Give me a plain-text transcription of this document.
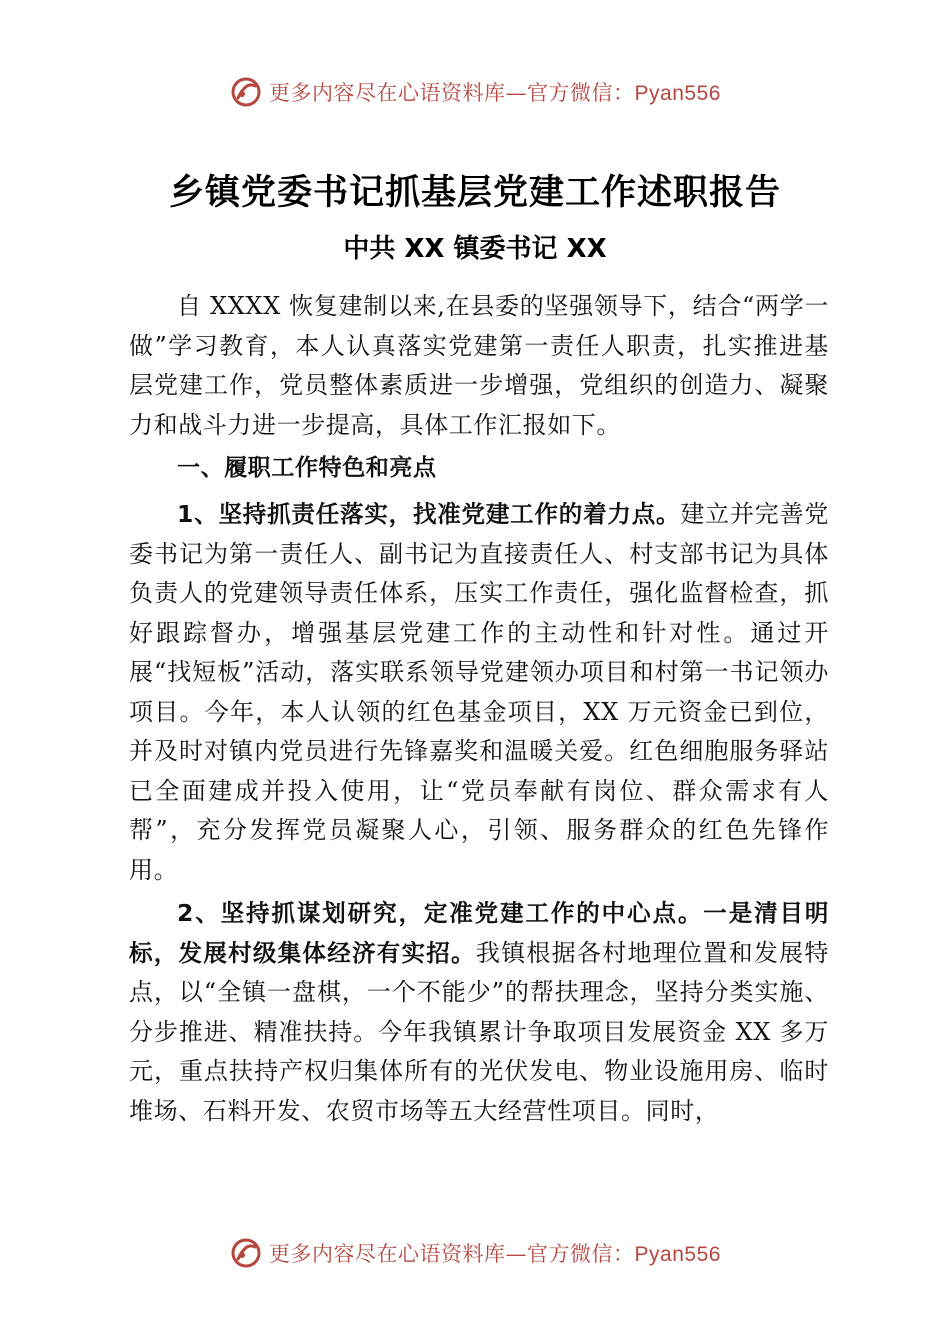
更多内容尽在心语资料库—官方微信：Pyan556
乡镇党委书记抓基层党建工作述职报告
中共 XX 镇委书记 XX

自 XXXX 恢复建制以来,在县委的坚强领导下，结合“两学一做”学习教育，本人认真落实党建第一责任人职责，扎实推进基层党建工作，党员整体素质进一步增强，党组织的创造力、凝聚力和战斗力进一步提高，具体工作汇报如下。

一、履职工作特色和亮点

1、坚持抓责任落实，找准党建工作的着力点。建立并完善党委书记为第一责任人、副书记为直接责任人、村支部书记为具体负责人的党建领导责任体系，压实工作责任，强化监督检查，抓好跟踪督办，增强基层党建工作的主动性和针对性。通过开展“找短板”活动，落实联系领导党建领办项目和村第一书记领办项目。今年，本人认领的红色基金项目，XX 万元资金已到位，并及时对镇内党员进行先锋嘉奖和温暖关爱。红色细胞服务驿站已全面建成并投入使用，让“党员奉献有岗位、群众需求有人帮”，充分发挥党员凝聚人心，引领、服务群众的红色先锋作用。

2、坚持抓谋划研究，定准党建工作的中心点。一是清目明标，发展村级集体经济有实招。我镇根据各村地理位置和发展特点，以“全镇一盘棋，一个不能少”的帮扶理念，坚持分类实施、分步推进、精准扶持。今年我镇累计争取项目发展资金 XX 多万元，重点扶持产权归集体所有的光伏发电、物业设施用房、临时堆场、石料开发、农贸市场等五大经营性项目。同时，

更多内容尽在心语资料库—官方微信：Pyan556
